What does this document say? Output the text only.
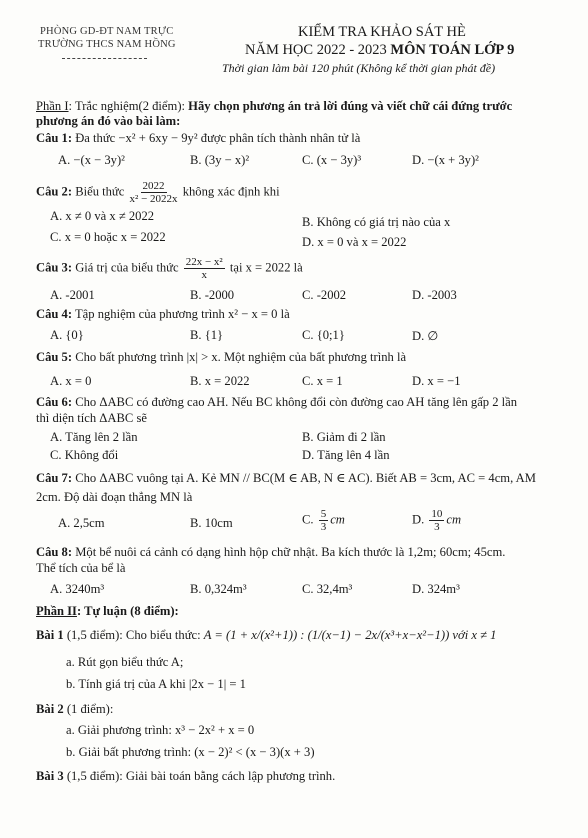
PHÒNG GD-ĐT NAM TRỰC
TRƯỜNG THCS NAM HỒNG
KIỂM TRA KHẢO SÁT HÈ
NĂM HỌC 2022 - 2023 MÔN TOÁN LỚP 9
Thời gian làm bài 120 phút (Không kể thời gian phát đề)
Phần I: Trắc nghiệm(2 điểm): Hãy chọn phương án trả lời đúng và viết chữ cái đứng trước
phương án đó vào bài làm:
Câu 1: Đa thức −x² + 6xy − 9y² được phân tích thành nhân tử là
A. −(x − 3y)²	B. (3y − x)²	C. (x − 3y)³	D. −(x + 3y)²
Câu 2: Biểu thức $\frac{2022}{\text{x² − 2022x}}$ không xác định khi
A. x ≠ 0 và x ≠ 2022	B. Không có giá trị nào của x
C. x = 0 hoặc x = 2022	D. x = 0 và x = 2022
Câu 3: Giá trị của biểu thức $\frac{\text{22x − x²}}{x}$ tại x = 2022 là
A. -2001	B. -2000	C. -2002	D. -2003
Câu 4: Tập nghiệm của phương trình x² − x = 0 là
A. {0}	B. {1}	C. {0;1}	D. ∅
Câu 5: Cho bất phương trình |x| > x. Một nghiệm của bất phương trình là
A. x = 0	B. x = 2022	C. x = 1	D. x = −1
Câu 6: Cho ΔABC có đường cao AH. Nếu BC không đổi còn đường cao AH tăng lên gấp 2 lần
thì diện tích ΔABC sẽ
A. Tăng lên 2 lần	B. Giảm đi 2 lần
C. Không đổi	D. Tăng lên 4 lần
Câu 7: Cho ΔABC vuông tại A. Kẻ MN // BC(M ∈ AB, N ∈ AC). Biết AB = 3cm, AC = 4cm, AM
2cm. Độ dài đoạn thẳng MN là
A. 2,5cm	B. 10cm	C. $\frac{5}{3}$ cm	D. $\frac{10}{3}$ cm
Câu 8: Một bể nuôi cá cảnh có dạng hình hộp chữ nhật. Ba kích thước là 1,2m; 60cm; 45cm.
Thể tích của bể là
A. 3240m³	B. 0,324m³	C. 32,4m³	D. 324m³
Phần II: Tự luận (8 điểm):
Bài 1 (1,5 điểm): Cho biểu thức: A = (1 + x/(x²+1)) : (1/(x−1) − 2x/(x³+x−x²−1)) với x ≠ 1
a. Rút gọn biểu thức A;
b. Tính giá trị của A khi |2x − 1| = 1
Bài 2 (1 điểm):
a. Giải phương trình: x³ − 2x² + x = 0
b. Giải bất phương trình: (x − 2)² < (x − 3)(x + 3)
Bài 3 (1,5 điểm): Giải bài toán bằng cách lập phương trình.
